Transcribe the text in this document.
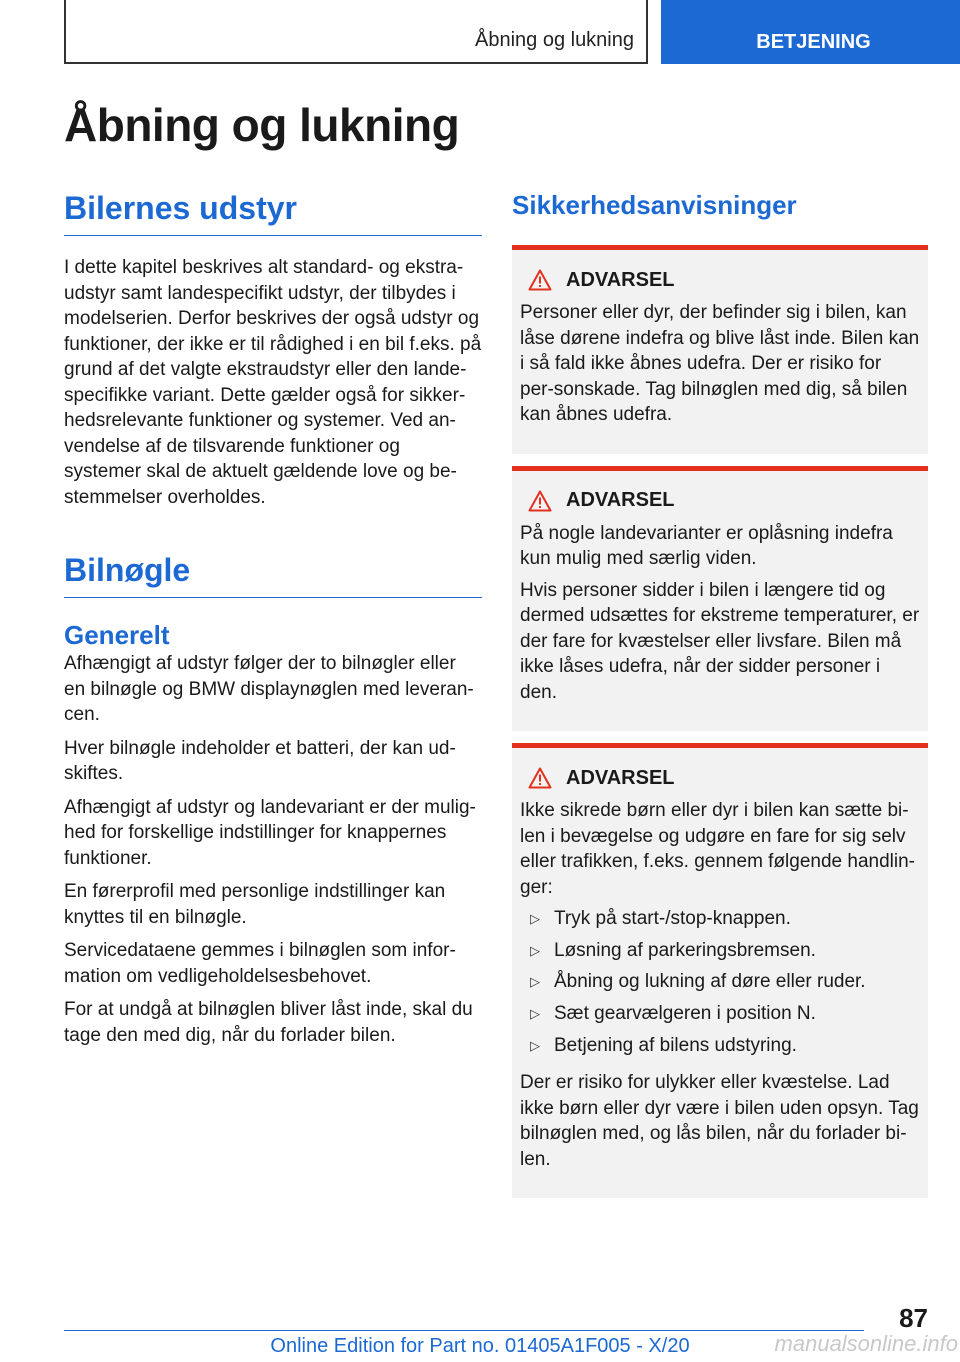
Åbning og lukning	BETJENING
Åbning og lukning
Bilernes udstyr

I dette kapitel beskrives alt standard- og ekstra-udstyr samt landespecifikt udstyr, der tilbydes i modelserien. Derfor beskrives der også udstyr og funktioner, der ikke er til rådighed i en bil f.eks. på grund af det valgte ekstraudstyr eller den lande-specifikke variant. Dette gælder også for sikker-hedsrelevante funktioner og systemer. Ved an-vendelse af de tilsvarende funktioner og systemer skal de aktuelt gældende love og be-stemmelser overholdes.

Bilnøgle
Generelt

Afhængigt af udstyr følger der to bilnøgler eller en bilnøgle og BMW displaynøglen med leveran-cen.

Hver bilnøgle indeholder et batteri, der kan ud-skiftes.

Afhængigt af udstyr og landevariant er der mulig-hed for forskellige indstillinger for knappernes funktioner.

En førerprofil med personlige indstillinger kan knyttes til en bilnøgle.

Servicedataene gemmes i bilnøglen som infor-mation om vedligeholdelsesbehovet.

For at undgå at bilnøglen bliver låst inde, skal du tage den med dig, når du forlader bilen.

Sikkerhedsanvisninger
ADVARSEL

Personer eller dyr, der befinder sig i bilen, kan låse dørene indefra og blive låst inde. Bilen kan i så fald ikke åbnes udefra. Der er risiko for per-sonskade. Tag bilnøglen med dig, så bilen kan åbnes udefra.

ADVARSEL

På nogle landevarianter er oplåsning indefra kun mulig med særlig viden.

Hvis personer sidder i bilen i længere tid og dermed udsættes for ekstreme temperaturer, er der fare for kvæstelser eller livsfare. Bilen må ikke låses udefra, når der sidder personer i den.

ADVARSEL

Ikke sikrede børn eller dyr i bilen kan sætte bi-len i bevægelse og udgøre en fare for sig selv eller trafikken, f.eks. gennem følgende handlin-ger:

▷ Tryk på start-/stop-knappen.
▷ Løsning af parkeringsbremsen.
▷ Åbning og lukning af døre eller ruder.
▷ Sæt gearvælgeren i position N.
▷ Betjening af bilens udstyring.

Der er risiko for ulykker eller kvæstelse. Lad ikke børn eller dyr være i bilen uden opsyn. Tag bilnøglen med, og lås bilen, når du forlader bi-len.

87
Online Edition for Part no. 01405A1F005 - X/20	manualsonline.info
